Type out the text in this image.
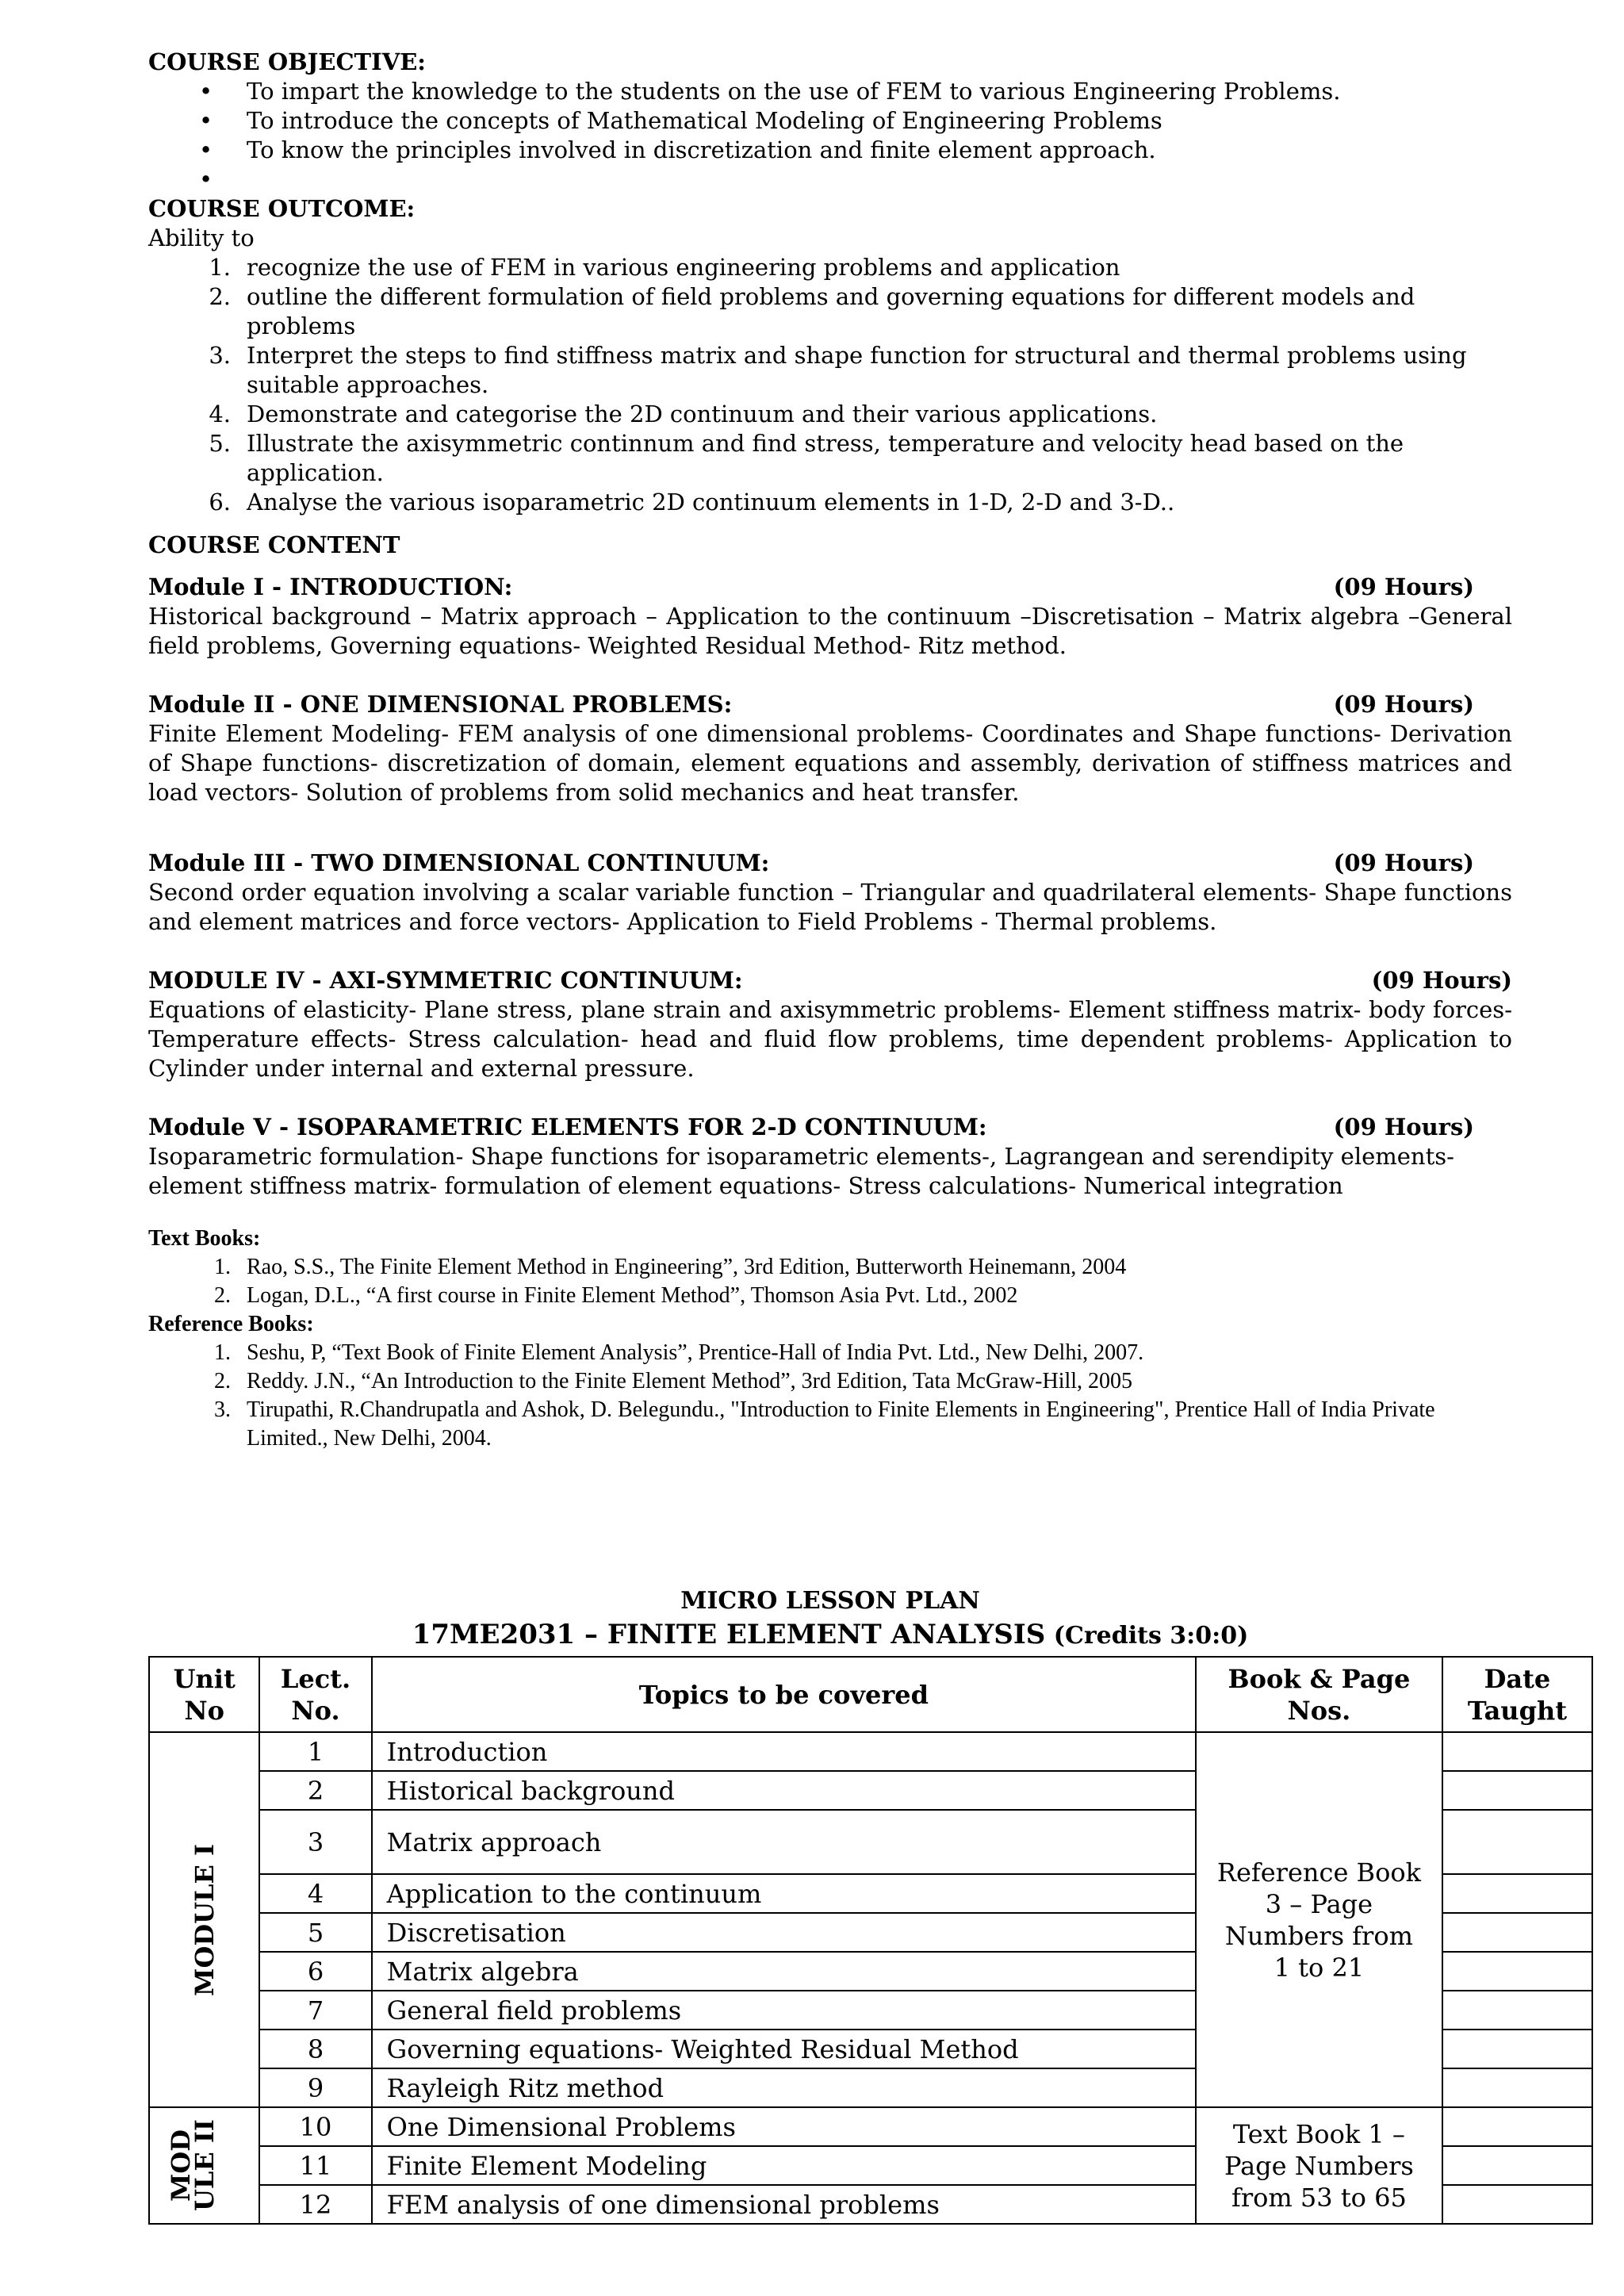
COURSE OBJECTIVE:
• To impart the knowledge to the students on the use of FEM to various Engineering Problems.
• To introduce the concepts of Mathematical Modeling of Engineering Problems
• To know the principles involved in discretization and finite element approach.
•
COURSE OUTCOME:
Ability to
1. recognize the use of FEM in various engineering problems and application
2. outline the different formulation of field problems and governing equations for different models and problems
3. Interpret the steps to find stiffness matrix and shape function for structural and thermal problems using suitable approaches.
4. Demonstrate and categorise the 2D continuum and their various applications.
5. Illustrate the axisymmetric continnum and find stress, temperature and velocity head based on the application.
6. Analyse the various isoparametric 2D continuum elements in 1-D, 2-D and 3-D..
COURSE CONTENT
Module I - INTRODUCTION:	(09 Hours)
Historical background – Matrix approach – Application to the continuum –Discretisation – Matrix algebra –General field problems, Governing equations- Weighted Residual Method- Ritz method.
Module II - ONE DIMENSIONAL PROBLEMS:	(09 Hours)
Finite Element Modeling- FEM analysis of one dimensional problems- Coordinates and Shape functions- Derivation of Shape functions- discretization of domain, element equations and assembly, derivation of stiffness matrices and load vectors- Solution of problems from solid mechanics and heat transfer.
Module III - TWO DIMENSIONAL CONTINUUM:	(09 Hours)
Second order equation involving a scalar variable function – Triangular and quadrilateral elements- Shape functions and element matrices and force vectors- Application to Field Problems - Thermal problems.
MODULE IV - AXI-SYMMETRIC CONTINUUM:	(09 Hours)
Equations of elasticity- Plane stress, plane strain and axisymmetric problems- Element stiffness matrix- body forces- Temperature effects- Stress calculation- head and fluid flow problems, time dependent problems- Application to Cylinder under internal and external pressure.
Module V - ISOPARAMETRIC ELEMENTS FOR 2-D CONTINUUM:	(09 Hours)
Isoparametric formulation- Shape functions for isoparametric elements-, Lagrangean and serendipity elements- element stiffness matrix- formulation of element equations- Stress calculations- Numerical integration
Text Books:
1. Rao, S.S., The Finite Element Method in Engineering”, 3rd Edition, Butterworth Heinemann, 2004
2. Logan, D.L., “A first course in Finite Element Method”, Thomson Asia Pvt. Ltd., 2002
Reference Books:
1. Seshu, P, “Text Book of Finite Element Analysis”, Prentice-Hall of India Pvt. Ltd., New Delhi, 2007.
2. Reddy. J.N., “An Introduction to the Finite Element Method”, 3rd Edition, Tata McGraw-Hill, 2005
3. Tirupathi, R.Chandrupatla and Ashok, D. Belegundu., "Introduction to Finite Elements in Engineering", Prentice Hall of India Private Limited., New Delhi, 2004.
MICRO LESSON PLAN
17ME2031 – FINITE ELEMENT ANALYSIS (Credits 3:0:0)
Unit No	Lect. No.	Topics to be covered	Book & Page Nos.	Date Taught

MODULE I	1	Introduction	Reference Book 3 – Page Numbers from 1 to 21	

	2	Historical background		
	3	Matrix approach		
	4	Application to the continuum		
	5	Discretisation		
	6	Matrix algebra		
	7	General field problems		
	8	Governing equations- Weighted Residual Method		
	9	Rayleigh Ritz method		

MOD ULE II	10	One Dimensional Problems	Text Book 1 – Page Numbers from 53 to 65	

	11	Finite Element Modeling		
	12	FEM analysis of one dimensional problems		
